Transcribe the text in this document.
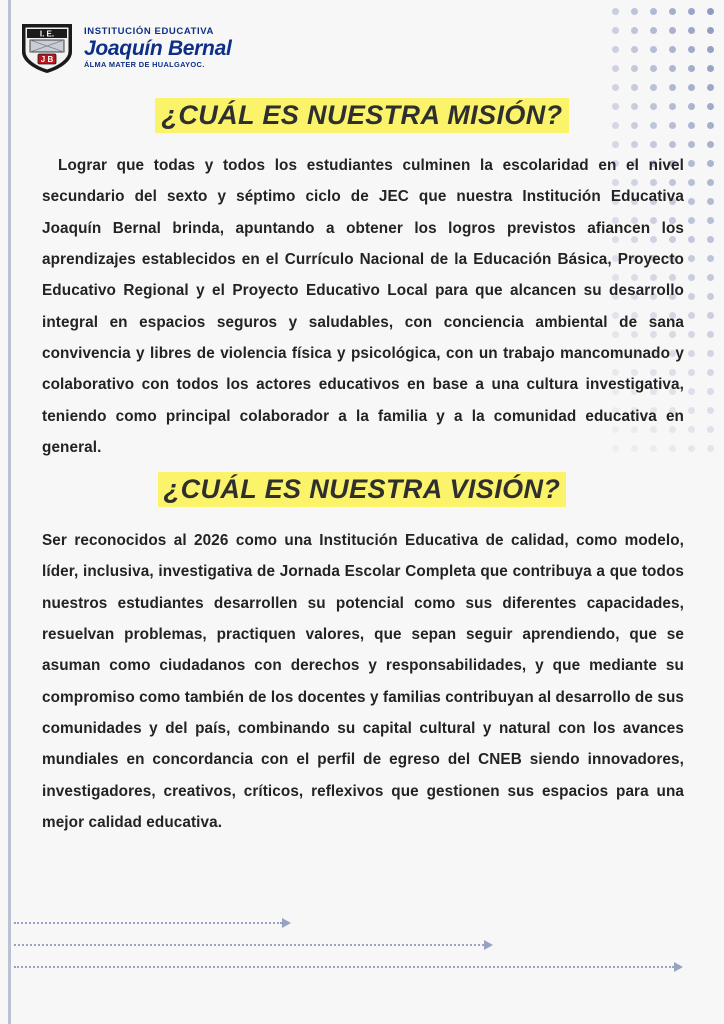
I. E.
J B
INSTITUCIÓN EDUCATIVA
Joaquín Bernal
ÁLMA MATER DE HUALGAYOC.
¿CUÁL ES NUESTRA MISIÓN?
Lograr que todas y todos los estudiantes culminen la escolaridad en el nivel secundario del sexto y séptimo ciclo de JEC que nuestra Institución Educativa Joaquín Bernal brinda, apuntando a obtener los logros previstos afiancen los aprendizajes establecidos en el Currículo Nacional de la Educación Básica, Proyecto Educativo Regional y el Proyecto Educativo Local para que alcancen su desarrollo integral en espacios seguros y saludables, con conciencia ambiental de sana convivencia y libres de violencia física y psicológica, con un trabajo mancomunado y colaborativo con todos los actores educativos en base a una cultura investigativa, teniendo como principal colaborador a la familia y a la comunidad educativa en general.
¿CUÁL ES NUESTRA VISIÓN?
Ser reconocidos al 2026 como una Institución Educativa de calidad, como modelo, líder, inclusiva, investigativa de Jornada Escolar Completa que contribuya a que todos nuestros estudiantes desarrollen su potencial como sus diferentes capacidades, resuelvan problemas, practiquen valores, que sepan seguir aprendiendo, que se asuman como ciudadanos con derechos y responsabilidades, y que mediante su compromiso como también de los docentes y familias contribuyan al desarrollo de sus comunidades y del país, combinando su capital cultural y natural con los avances mundiales en concordancia con el perfil de egreso del CNEB siendo innovadores, investigadores, creativos, críticos, reflexivos que gestionen sus espacios para una mejor calidad educativa.
